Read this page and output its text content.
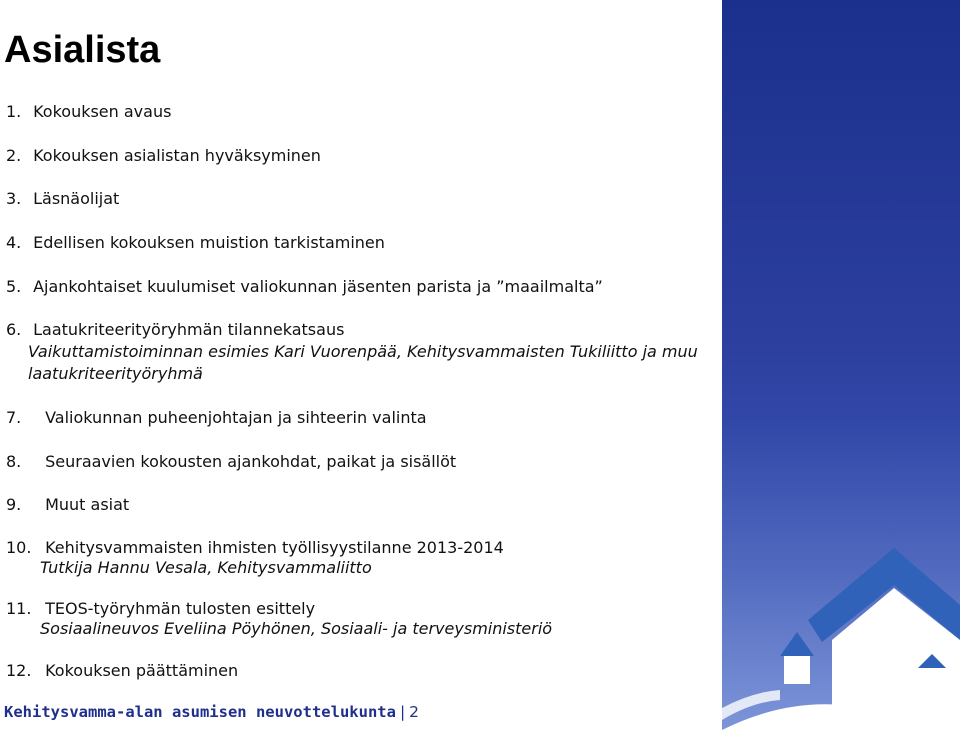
Asialista
1. Kokouksen avaus
2. Kokouksen asialistan hyväksyminen
3. Läsnäolijat
4. Edellisen kokouksen muistion tarkistaminen
5. Ajankohtaiset kuulumiset valiokunnan jäsenten parista ja ”maailmalta”
6. Laatukriteerityöryhmän tilannekatsaus
Vaikuttamistoiminnan esimies Kari Vuorenpää, Kehitysvammaisten Tukiliitto ja muu laatukriteerityöryhmä
7. Valiokunnan puheenjohtajan ja sihteerin valinta
8. Seuraavien kokousten ajankohdat, paikat ja sisällöt
9. Muut asiat
10. Kehitysvammaisten ihmisten työllisyystilanne 2013-2014
Tutkija Hannu Vesala, Kehitysvammaliitto
11. TEOS-työryhmän tulosten esittely
Sosiaalineuvos Eveliina Pöyhönen, Sosiaali- ja terveysministeriö
12. Kokouksen päättäminen
Kehitysvamma-alan asumisen neuvottelukunta | 2
